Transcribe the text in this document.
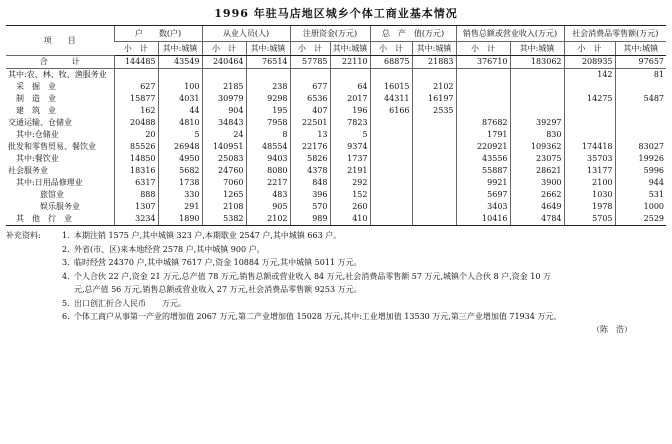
1996 年驻马店地区城乡个体工商业基本情况
项　　目	户　　数(户)		从业人员(人)		注册资金(万元)		总　产　值(万元)		销售总额或营业收入(万元)		社会消费品零售额(万元)	
	小　计	其中:城镇	小　计	其中:城镇	小　计	其中:城镇	小　计	其中:城镇	小　计	其中:城镇	小　计	其中:城镇
合　　　计	144485	43549	240464	76514	57785	22110	68875	21883	376710	183062	208935	97657
其中:农、林、牧、渔服务业											142	81
采　掘　业	627	100	2185	238	677	64	16015	2102				
制　造　业	15877	4031	30979	9298	6536	2017	44311	16197			14275	5487
建　筑　业	162	44	904	195	407	196	6166	2535				
交通运输、仓储业	20488	4810	34843	7958	22501	7823			87682	39297		
其中:仓储业	20	5	24	8	13	5			1791	830		
批发和零售贸易、餐饮业	85526	26948	140951	48554	22176	9374			220921	109362	174418	83027
其中:餐饮业	14850	4950	25083	9403	5826	1737			43556	23075	35703	19926
社会服务业	18316	5682	24760	8080	4378	2191			55887	28621	13177	5996
其中:日用品修理业	6317	1738	7060	2217	848	292			9921	3900	2100	944
旅馆业	888	330	1265	483	396	152			5697	2662	1030	531
娱乐服务业	1307	291	2108	905	570	260			3403	4649	1978	1000
其　他　行　业	3234	1890	5382	2102	989	410			10416	4784	5705	2529
补充资料:	1. 本期注销 1575 户,其中城镇 323 户,本期歇业 2547 户,其中城镇 663 户。
2. 外省(市、区)来本地经营 2578 户,其中城镇 900 户。
3. 临时经营 24370 户,其中城镇 7617 户,资金 10884 万元,其中城镇 5011 万元。
4. 个人合伙 22 户,资金 21 万元,总产值 78 万元,销售总额或营业收入 84 万元,社会消费品零售额 57 万元,城镇个人合伙 8 户,资金 10 万
元,总产值 56 万元,销售总额或营业收入 27 万元,社会消费品零售额 9253 万元。
5. 出口创汇折合人民币　　万元。
6. 个体工商户从事第一产业的增加值 2067 万元,第二产业增加值 15028 万元,其中:工业增加值 13530 万元,第三产业增加值 71934 万元。
（陈　浩）
